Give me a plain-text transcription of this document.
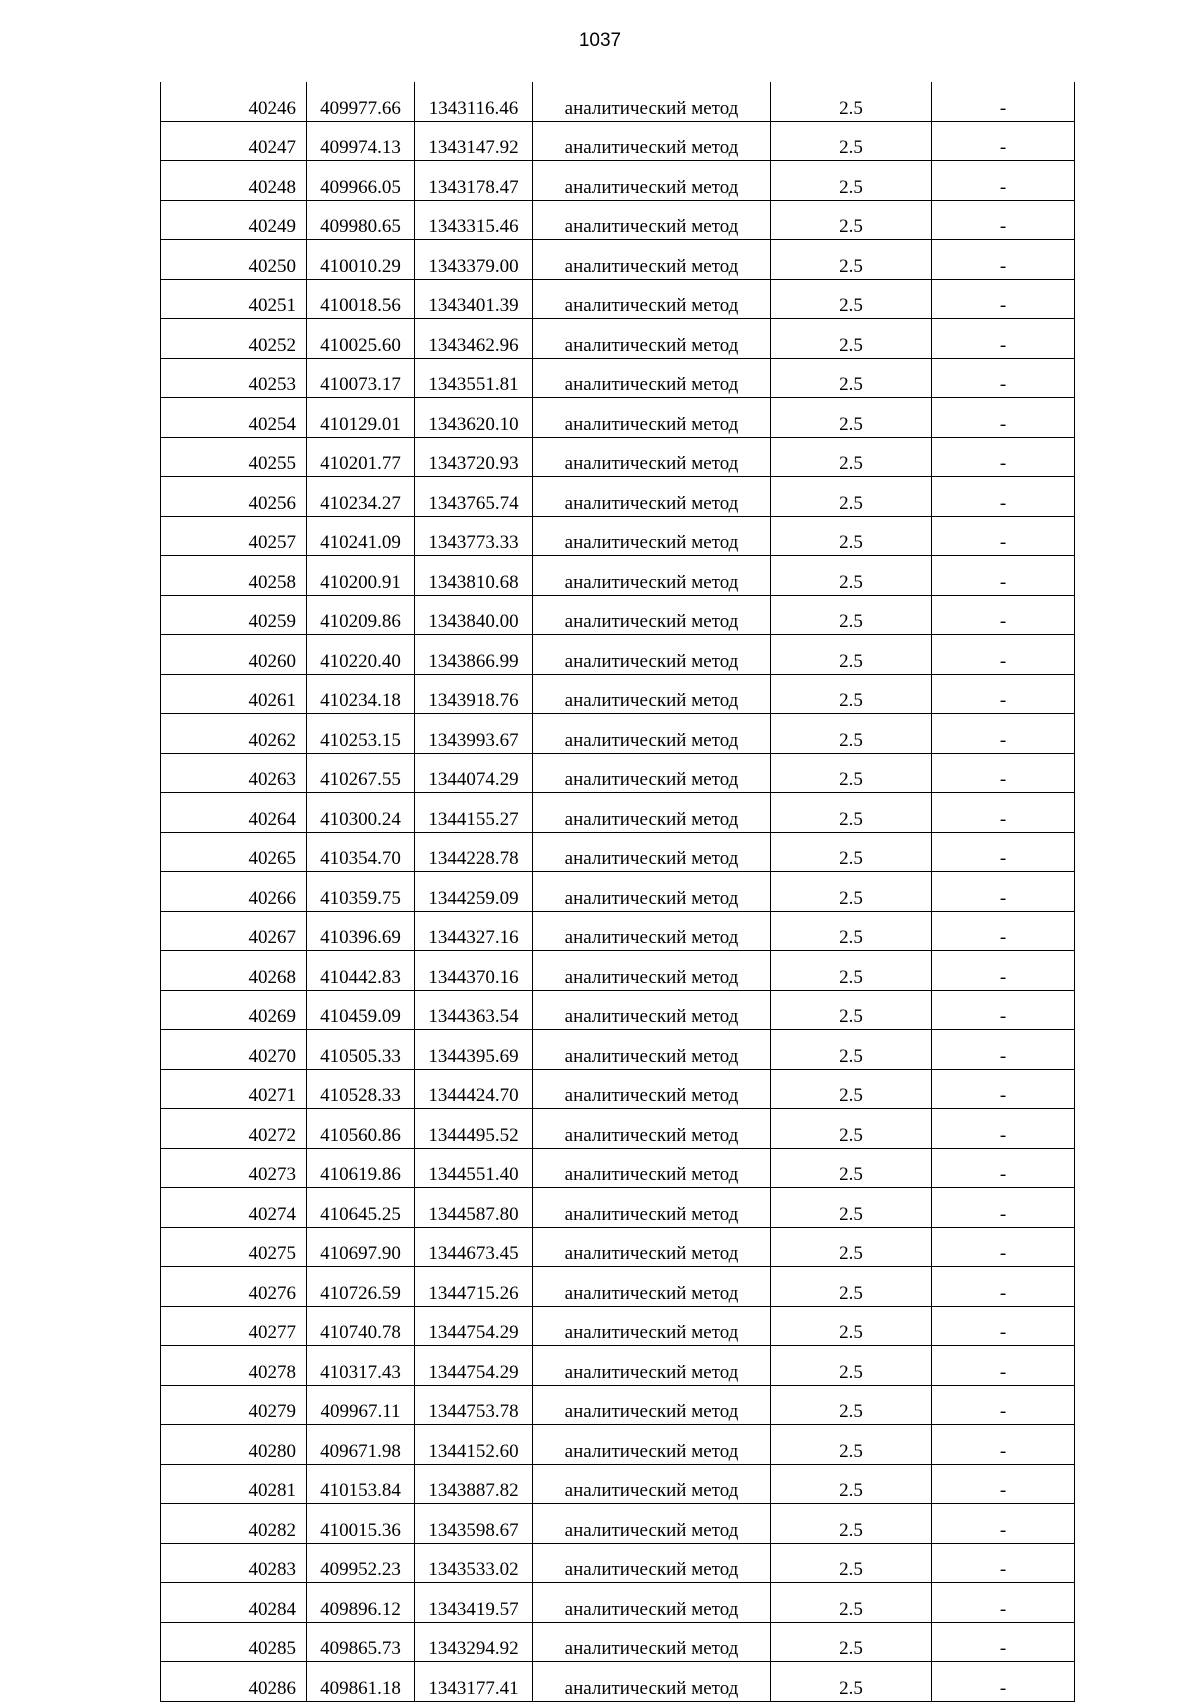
1037
40246	409977.66	1343116.46	аналитический метод	2.5	-
40247	409974.13	1343147.92	аналитический метод	2.5	-
40248	409966.05	1343178.47	аналитический метод	2.5	-
40249	409980.65	1343315.46	аналитический метод	2.5	-
40250	410010.29	1343379.00	аналитический метод	2.5	-
40251	410018.56	1343401.39	аналитический метод	2.5	-
40252	410025.60	1343462.96	аналитический метод	2.5	-
40253	410073.17	1343551.81	аналитический метод	2.5	-
40254	410129.01	1343620.10	аналитический метод	2.5	-
40255	410201.77	1343720.93	аналитический метод	2.5	-
40256	410234.27	1343765.74	аналитический метод	2.5	-
40257	410241.09	1343773.33	аналитический метод	2.5	-
40258	410200.91	1343810.68	аналитический метод	2.5	-
40259	410209.86	1343840.00	аналитический метод	2.5	-
40260	410220.40	1343866.99	аналитический метод	2.5	-
40261	410234.18	1343918.76	аналитический метод	2.5	-
40262	410253.15	1343993.67	аналитический метод	2.5	-
40263	410267.55	1344074.29	аналитический метод	2.5	-
40264	410300.24	1344155.27	аналитический метод	2.5	-
40265	410354.70	1344228.78	аналитический метод	2.5	-
40266	410359.75	1344259.09	аналитический метод	2.5	-
40267	410396.69	1344327.16	аналитический метод	2.5	-
40268	410442.83	1344370.16	аналитический метод	2.5	-
40269	410459.09	1344363.54	аналитический метод	2.5	-
40270	410505.33	1344395.69	аналитический метод	2.5	-
40271	410528.33	1344424.70	аналитический метод	2.5	-
40272	410560.86	1344495.52	аналитический метод	2.5	-
40273	410619.86	1344551.40	аналитический метод	2.5	-
40274	410645.25	1344587.80	аналитический метод	2.5	-
40275	410697.90	1344673.45	аналитический метод	2.5	-
40276	410726.59	1344715.26	аналитический метод	2.5	-
40277	410740.78	1344754.29	аналитический метод	2.5	-
40278	410317.43	1344754.29	аналитический метод	2.5	-
40279	409967.11	1344753.78	аналитический метод	2.5	-
40280	409671.98	1344152.60	аналитический метод	2.5	-
40281	410153.84	1343887.82	аналитический метод	2.5	-
40282	410015.36	1343598.67	аналитический метод	2.5	-
40283	409952.23	1343533.02	аналитический метод	2.5	-
40284	409896.12	1343419.57	аналитический метод	2.5	-
40285	409865.73	1343294.92	аналитический метод	2.5	-
40286	409861.18	1343177.41	аналитический метод	2.5	-
